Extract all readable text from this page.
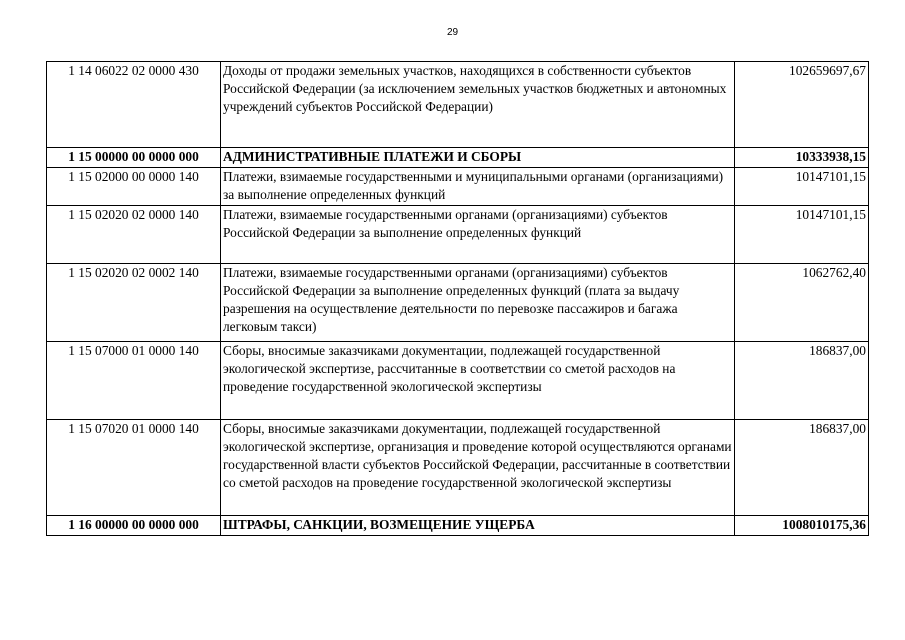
29
1 14 06022 02 0000 430	Доходы от продажи земельных участков, находящихся в собственности субъектов Российской Федерации (за исключением земельных участков бюджетных и автономных учреждений субъектов Российской Федерации)	102659697,67
1 15 00000 00 0000 000	АДМИНИСТРАТИВНЫЕ ПЛАТЕЖИ И СБОРЫ	10333938,15
1 15 02000 00 0000 140	Платежи, взимаемые государственными и муниципальными органами (организациями) за выполнение определенных функций	10147101,15
1 15 02020 02 0000 140	Платежи, взимаемые государственными органами (организациями) субъектов Российской Федерации за выполнение определенных функций	10147101,15
1 15 02020 02 0002 140	Платежи, взимаемые государственными органами (организациями) субъектов Российской Федерации за выполнение определенных функций (плата за выдачу разрешения на осуществление деятельности по перевозке пассажиров и багажа легковым такси)	1062762,40
1 15 07000 01 0000 140	Сборы, вносимые заказчиками документации, подлежащей государственной экологической экспертизе, рассчитанные в соответствии со сметой расходов на проведение государственной экологической экспертизы	186837,00
1 15 07020 01 0000 140	Сборы, вносимые заказчиками документации, подлежащей государственной экологической экспертизе, организация и проведение которой осуществляются органами государственной власти субъектов Российской Федерации, рассчитанные в соответствии со сметой расходов на проведение государственной экологической экспертизы	186837,00
1 16 00000 00 0000 000	ШТРАФЫ, САНКЦИИ, ВОЗМЕЩЕНИЕ УЩЕРБА	1008010175,36
